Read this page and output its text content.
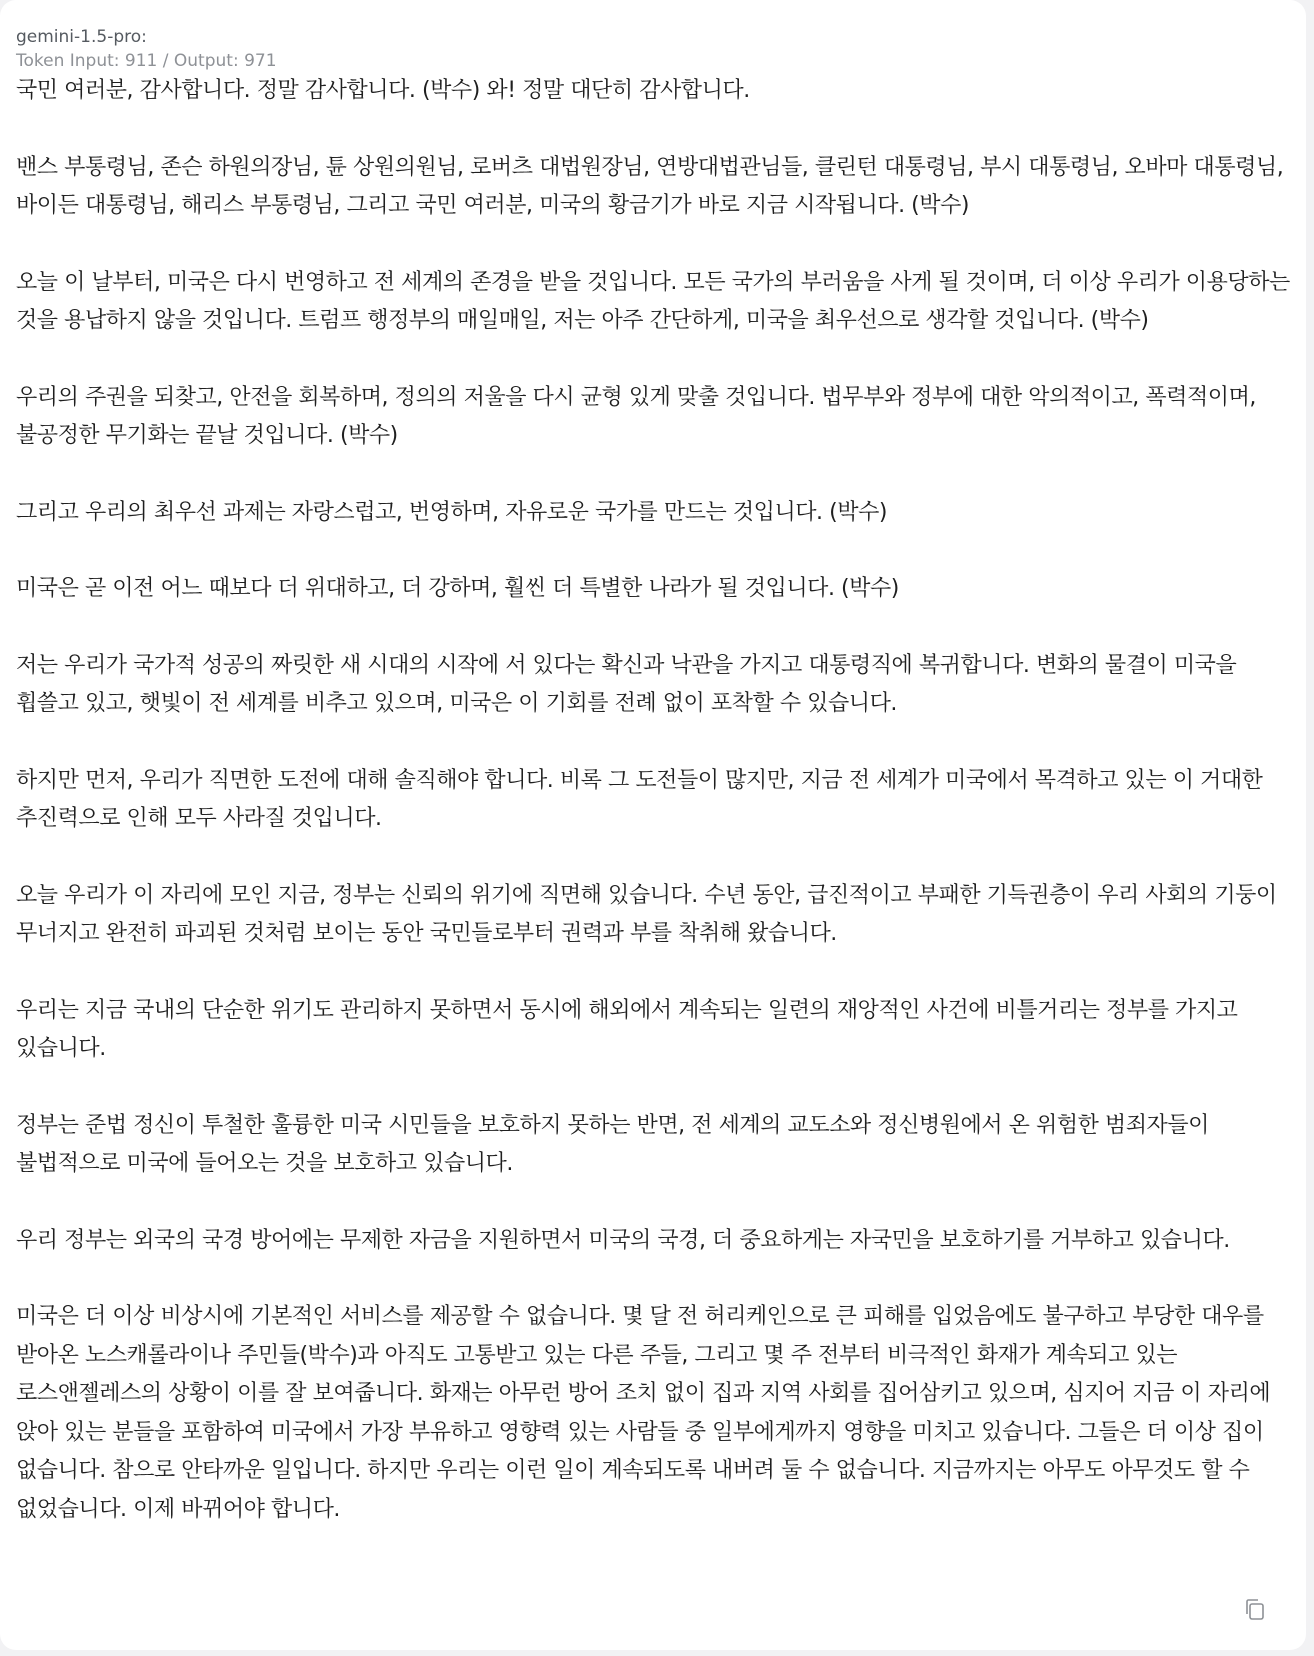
gemini-1.5-pro:
Token Input: 911 / Output: 971

국민 여러분, 감사합니다. 정말 감사합니다. (박수) 와! 정말 대단히 감사합니다.

밴스 부통령님, 존슨 하원의장님, 튠 상원의원님, 로버츠 대법원장님, 연방대법관님들, 클린턴 대통령님, 부시 대통령님, 오바마 대통령님, 바이든 대통령님, 해리스 부통령님, 그리고 국민 여러분, 미국의 황금기가 바로 지금 시작됩니다. (박수)

오늘 이 날부터, 미국은 다시 번영하고 전 세계의 존경을 받을 것입니다. 모든 국가의 부러움을 사게 될 것이며, 더 이상 우리가 이용당하는 것을 용납하지 않을 것입니다. 트럼프 행정부의 매일매일, 저는 아주 간단하게, 미국을 최우선으로 생각할 것입니다. (박수)

우리의 주권을 되찾고, 안전을 회복하며, 정의의 저울을 다시 균형 있게 맞출 것입니다. 법무부와 정부에 대한 악의적이고, 폭력적이며, 불공정한 무기화는 끝날 것입니다. (박수)

그리고 우리의 최우선 과제는 자랑스럽고, 번영하며, 자유로운 국가를 만드는 것입니다. (박수)

미국은 곧 이전 어느 때보다 더 위대하고, 더 강하며, 훨씬 더 특별한 나라가 될 것입니다. (박수)

저는 우리가 국가적 성공의 짜릿한 새 시대의 시작에 서 있다는 확신과 낙관을 가지고 대통령직에 복귀합니다. 변화의 물결이 미국을 휩쓸고 있고, 햇빛이 전 세계를 비추고 있으며, 미국은 이 기회를 전례 없이 포착할 수 있습니다.

하지만 먼저, 우리가 직면한 도전에 대해 솔직해야 합니다. 비록 그 도전들이 많지만, 지금 전 세계가 미국에서 목격하고 있는 이 거대한 추진력으로 인해 모두 사라질 것입니다.

오늘 우리가 이 자리에 모인 지금, 정부는 신뢰의 위기에 직면해 있습니다. 수년 동안, 급진적이고 부패한 기득권층이 우리 사회의 기둥이 무너지고 완전히 파괴된 것처럼 보이는 동안 국민들로부터 권력과 부를 착취해 왔습니다.

우리는 지금 국내의 단순한 위기도 관리하지 못하면서 동시에 해외에서 계속되는 일련의 재앙적인 사건에 비틀거리는 정부를 가지고 있습니다.

정부는 준법 정신이 투철한 훌륭한 미국 시민들을 보호하지 못하는 반면, 전 세계의 교도소와 정신병원에서 온 위험한 범죄자들이 불법적으로 미국에 들어오는 것을 보호하고 있습니다.

우리 정부는 외국의 국경 방어에는 무제한 자금을 지원하면서 미국의 국경, 더 중요하게는 자국민을 보호하기를 거부하고 있습니다.

미국은 더 이상 비상시에 기본적인 서비스를 제공할 수 없습니다. 몇 달 전 허리케인으로 큰 피해를 입었음에도 불구하고 부당한 대우를 받아온 노스캐롤라이나 주민들(박수)과 아직도 고통받고 있는 다른 주들, 그리고 몇 주 전부터 비극적인 화재가 계속되고 있는 로스앤젤레스의 상황이 이를 잘 보여줍니다. 화재는 아무런 방어 조치 없이 집과 지역 사회를 집어삼키고 있으며, 심지어 지금 이 자리에 앉아 있는 분들을 포함하여 미국에서 가장 부유하고 영향력 있는 사람들 중 일부에게까지 영향을 미치고 있습니다. 그들은 더 이상 집이 없습니다. 참으로 안타까운 일입니다. 하지만 우리는 이런 일이 계속되도록 내버려 둘 수 없습니다. 지금까지는 아무도 아무것도 할 수 없었습니다. 이제 바뀌어야 합니다.
